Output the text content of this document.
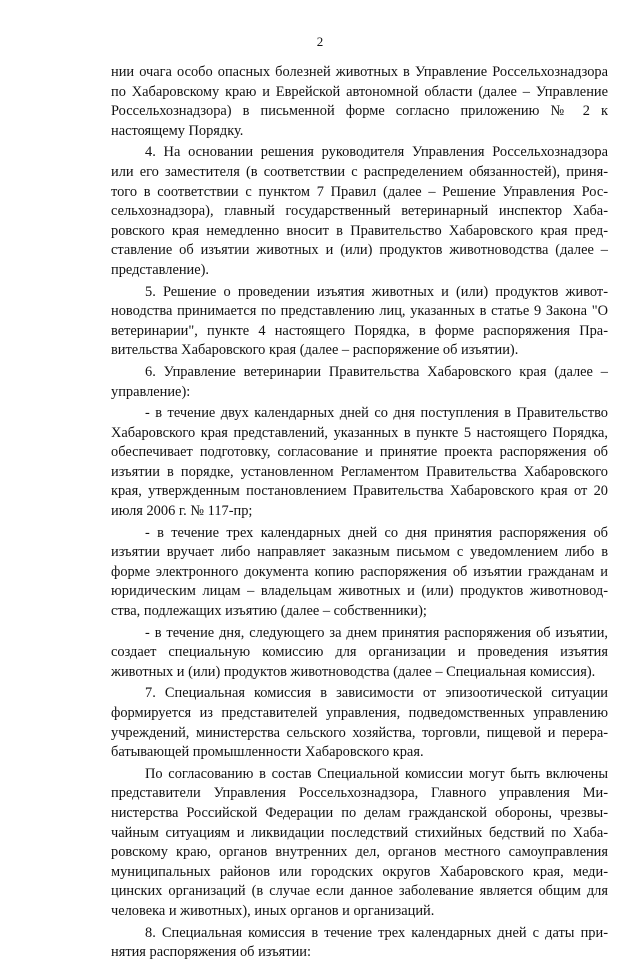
2

нии очага особо опасных болезней животных в Управление Россельхознадзора по Хабаровскому краю и Еврейской автономной области (далее – Управление Россельхознадзора) в письменной форме согласно приложению № 2 к настоящему Порядку.

4. На основании решения руководителя Управления Россельхознадзора или его заместителя (в соответствии с распределением обязанностей), принятого в соответствии с пунктом 7 Правил (далее – Решение Управления Россельхознадзора), главный государственный ветеринарный инспектор Хабаровского края немедленно вносит в Правительство Хабаровского края представление об изъятии животных и (или) продуктов животноводства (далее – представление).

5. Решение о проведении изъятия животных и (или) продуктов животноводства принимается по представлению лиц, указанных в статье 9 Закона "О ветеринарии", пункте 4 настоящего Порядка, в форме распоряжения Правительства Хабаровского края (далее – распоряжение об изъятии).

6. Управление ветеринарии Правительства Хабаровского края (далее – управление):

- в течение двух календарных дней со дня поступления в Правительство Хабаровского края представлений, указанных в пункте 5 настоящего Порядка, обеспечивает подготовку, согласование и принятие проекта распоряжения об изъятии в порядке, установленном Регламентом Правительства Хабаровского края, утвержденным постановлением Правительства Хабаровского края от 20 июля 2006 г. № 117-пр;

- в течение трех календарных дней со дня принятия распоряжения об изъятии вручает либо направляет заказным письмом с уведомлением либо в форме электронного документа копию распоряжения об изъятии гражданам и юридическим лицам – владельцам животных и (или) продуктов животноводства, подлежащих изъятию (далее – собственники);

- в течение дня, следующего за днем принятия распоряжения об изъятии, создает специальную комиссию для организации и проведения изъятия животных и (или) продуктов животноводства (далее – Специальная комиссия).

7. Специальная комиссия в зависимости от эпизоотической ситуации формируется из представителей управления, подведомственных управлению учреждений, министерства сельского хозяйства, торговли, пищевой и перерабатывающей промышленности Хабаровского края.

По согласованию в состав Специальной комиссии могут быть включены представители Управления Россельхознадзора, Главного управления Министерства Российской Федерации по делам гражданской обороны, чрезвычайным ситуациям и ликвидации последствий стихийных бедствий по Хабаровскому краю, органов внутренних дел, органов местного самоуправления муниципальных районов или городских округов Хабаровского края, медицинских организаций (в случае если данное заболевание является общим для человека и животных), иных органов и организаций.

8. Специальная комиссия в течение трех календарных дней с даты принятия распоряжения об изъятии:
